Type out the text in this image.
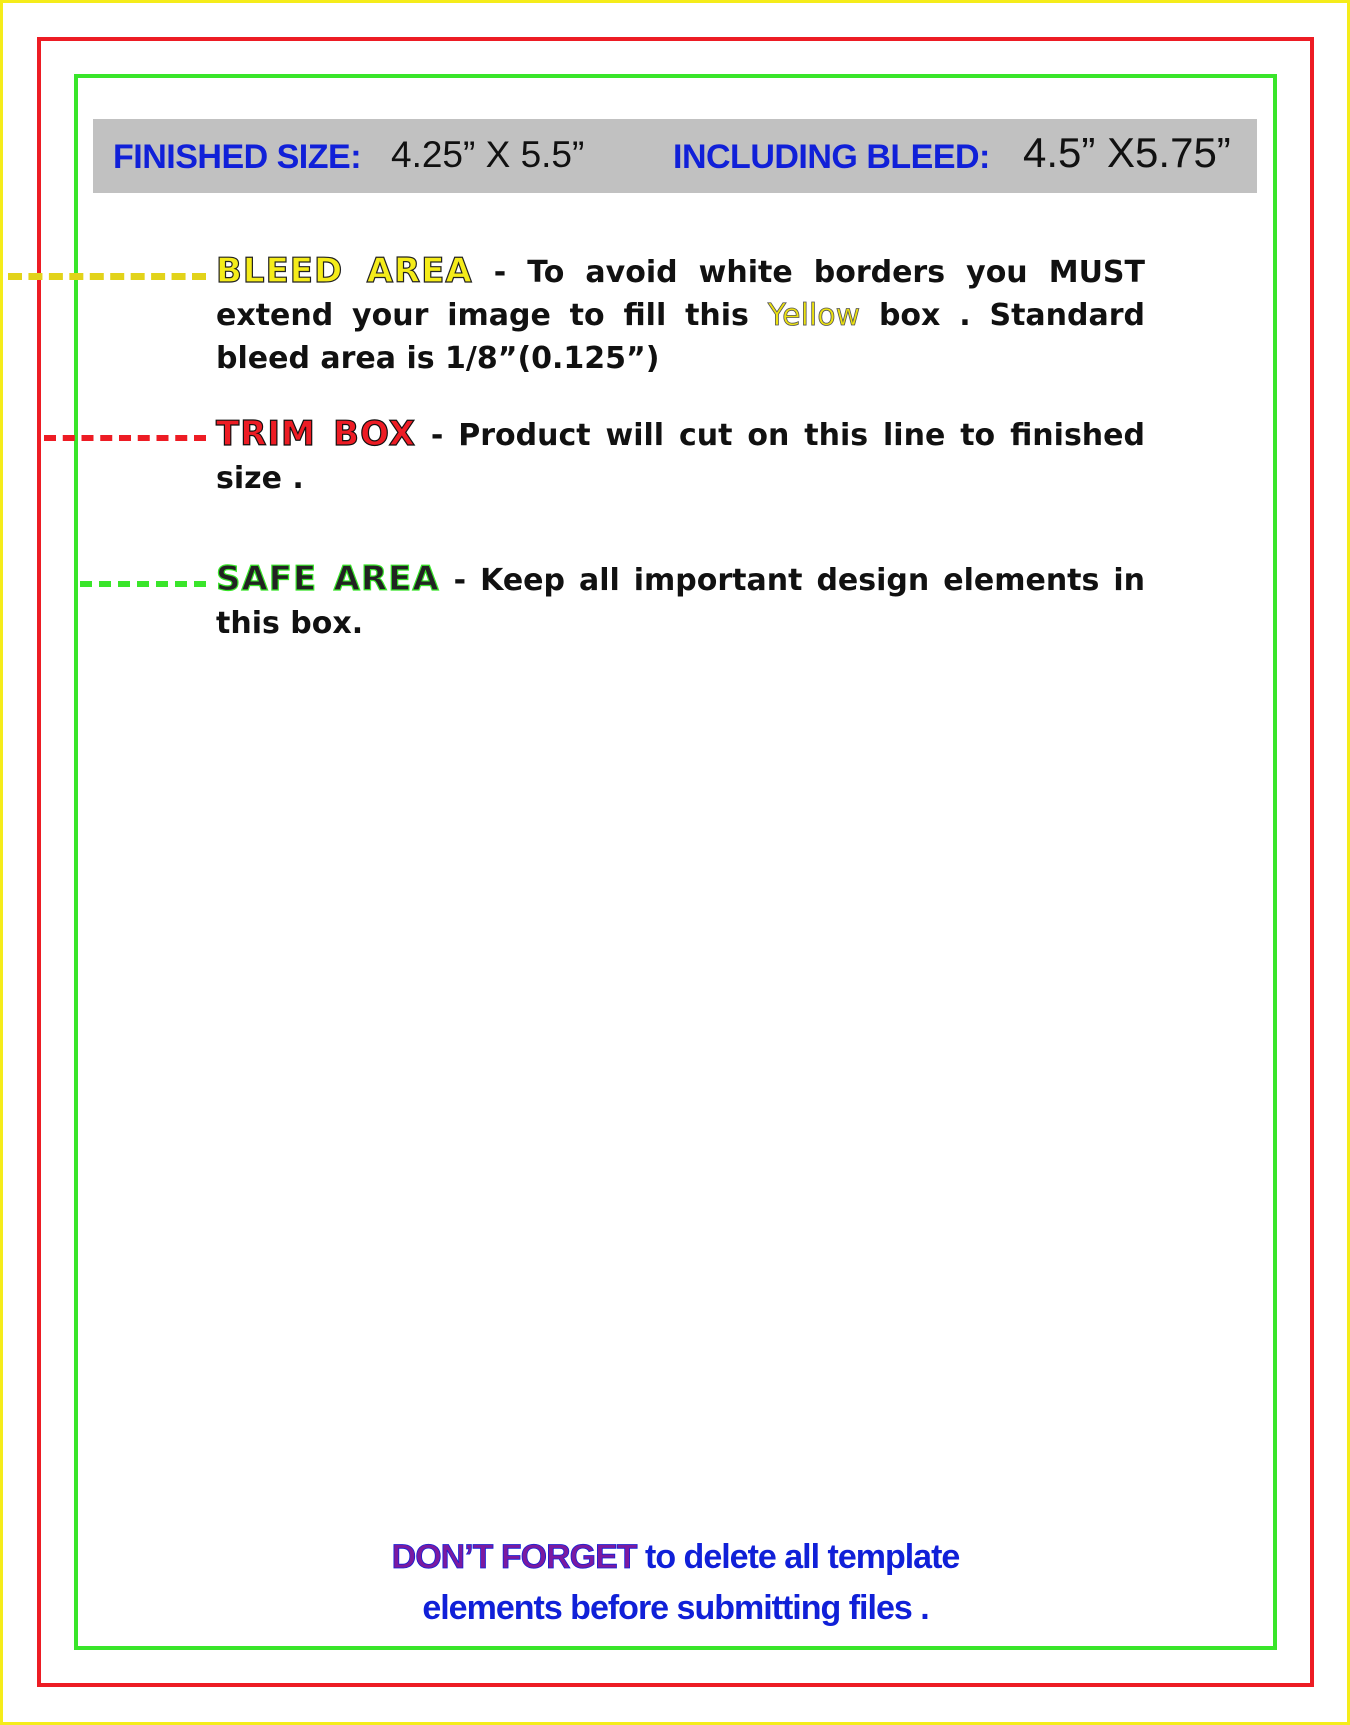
FINISHED SIZE: 4.25” X 5.5”	INCLUDING BLEED: 4.5” X5.75”
BLEED AREA - To avoid white borders you MUST extend your image to fill this Yellow box . Standard bleed area is 1/8”(0.125”)
TRIM BOX - Product will cut on this line to finished size .
SAFE AREA - Keep all important design elements in this box.
DON’T FORGET to delete all template
elements before submitting files .
